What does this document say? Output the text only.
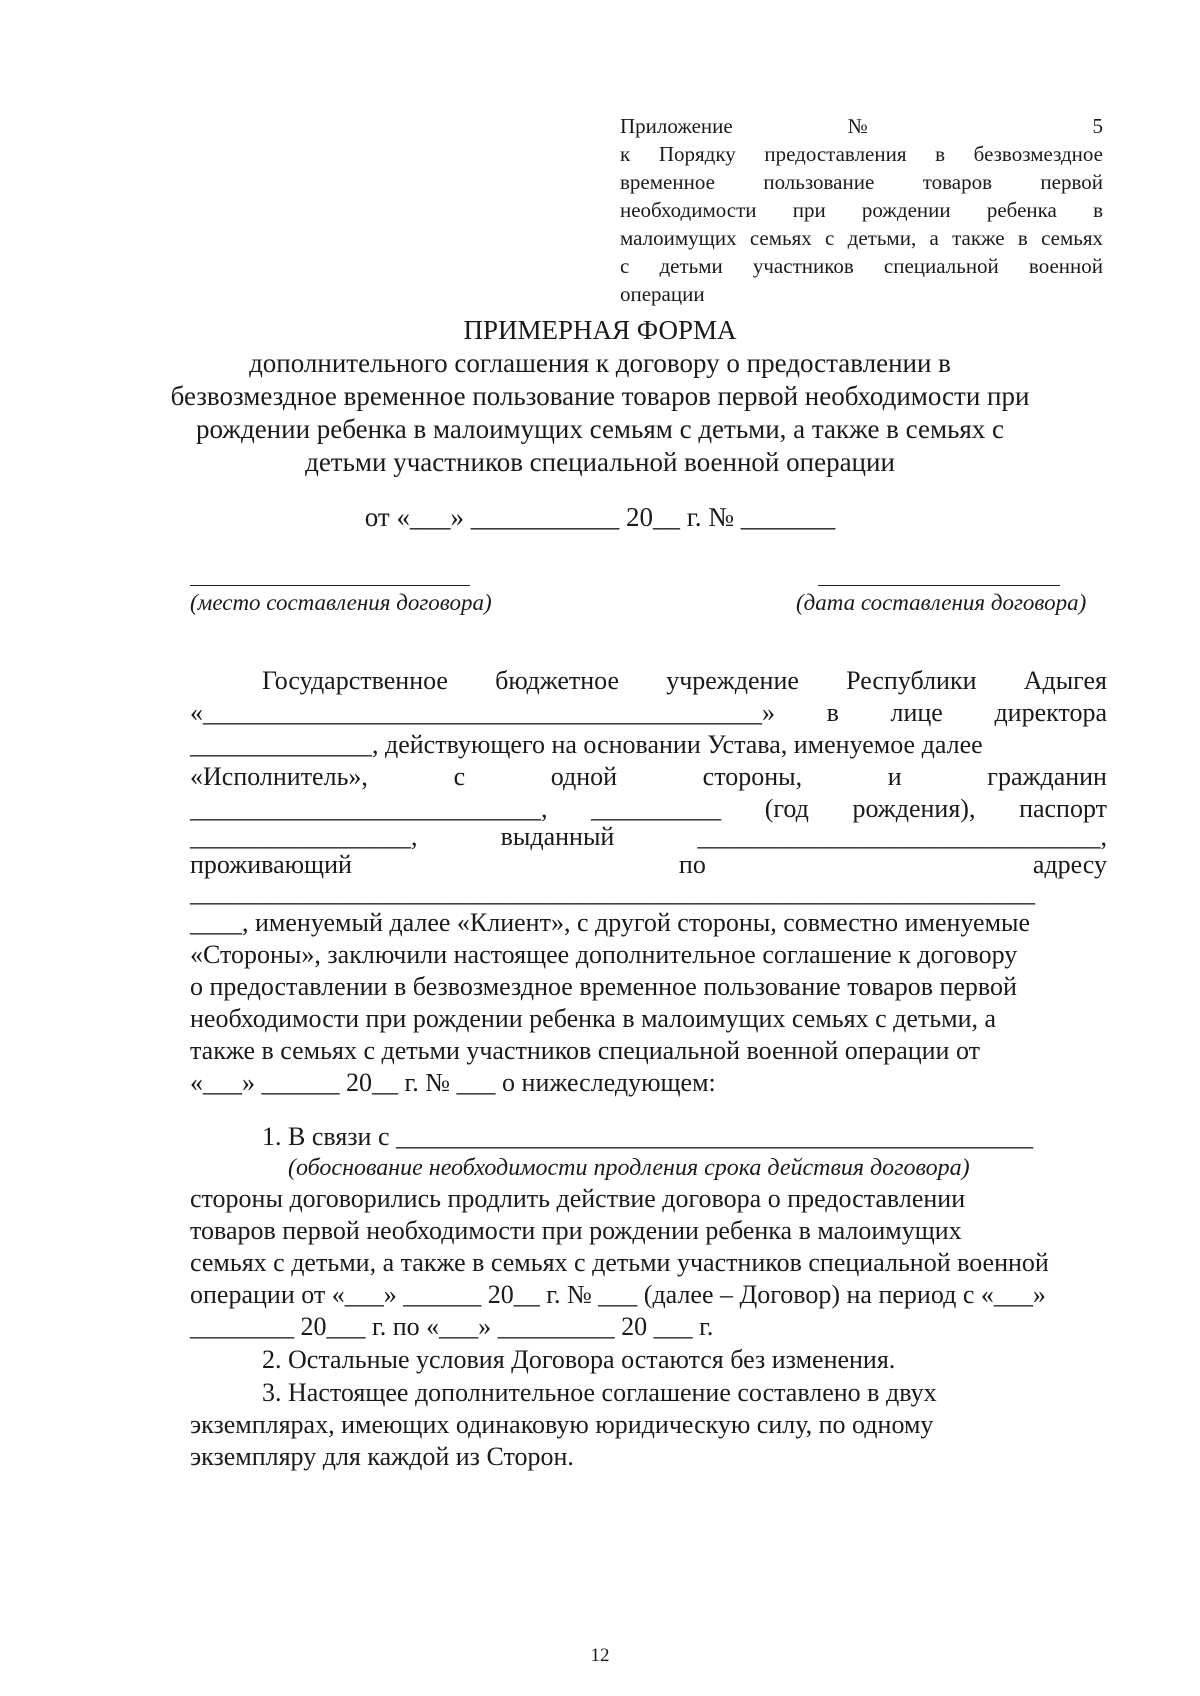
Приложение № 5
к Порядку предоставления в безвозмездное
временное пользование товаров первой
необходимости при рождении ребенка в
малоимущих семьях с детьми, а также в семьях
с детьми участников специальной военной
операции
ПРИМЕРНАЯ ФОРМА
дополнительного соглашения к договору о предоставлении в
безвозмездное временное пользование товаров первой необходимости при
рождении ребенка в малоимущих семьям с детьми, а также в семьях с
детьми участников специальной военной операции
от «___» ___________ 20__ г. № _______
(место составления договора)	(дата составления договора)
Государственное бюджетное учреждение Республики Адыгея
«___________________________________________» в лице директора
______________, действующего на основании Устава, именуемое далее
«Исполнитель»,	с	одной	стороны,	и	гражданин
___________________________, __________ (год рождения), паспорт
_________________,	выданный	_______________________________,
проживающий	по	адресу
_________________________________________________________________
____, именуемый далее «Клиент», с другой стороны, совместно именуемые
«Стороны», заключили настоящее дополнительное соглашение к договору
о предоставлении в безвозмездное временное пользование товаров первой
необходимости при рождении ребенка в малоимущих семьях с детьми, а
также в семьях с детьми участников специальной военной операции от
«___» ______ 20__ г. № ___ о нижеследующем:
1. В связи с _________________________________________________
(обоснование необходимости продления срока действия договора)
стороны договорились продлить действие договора о предоставлении
товаров первой необходимости при рождении ребенка в малоимущих
семьях с детьми, а также в семьях с детьми участников специальной военной
операции от «___» ______ 20__ г. № ___ (далее – Договор) на период с «___»
________ 20___ г. по «___» _________ 20 ___ г.
2. Остальные условия Договора остаются без изменения.
3. Настоящее дополнительное соглашение составлено в двух
экземплярах, имеющих одинаковую юридическую силу, по одному
экземпляру для каждой из Сторон.
12
